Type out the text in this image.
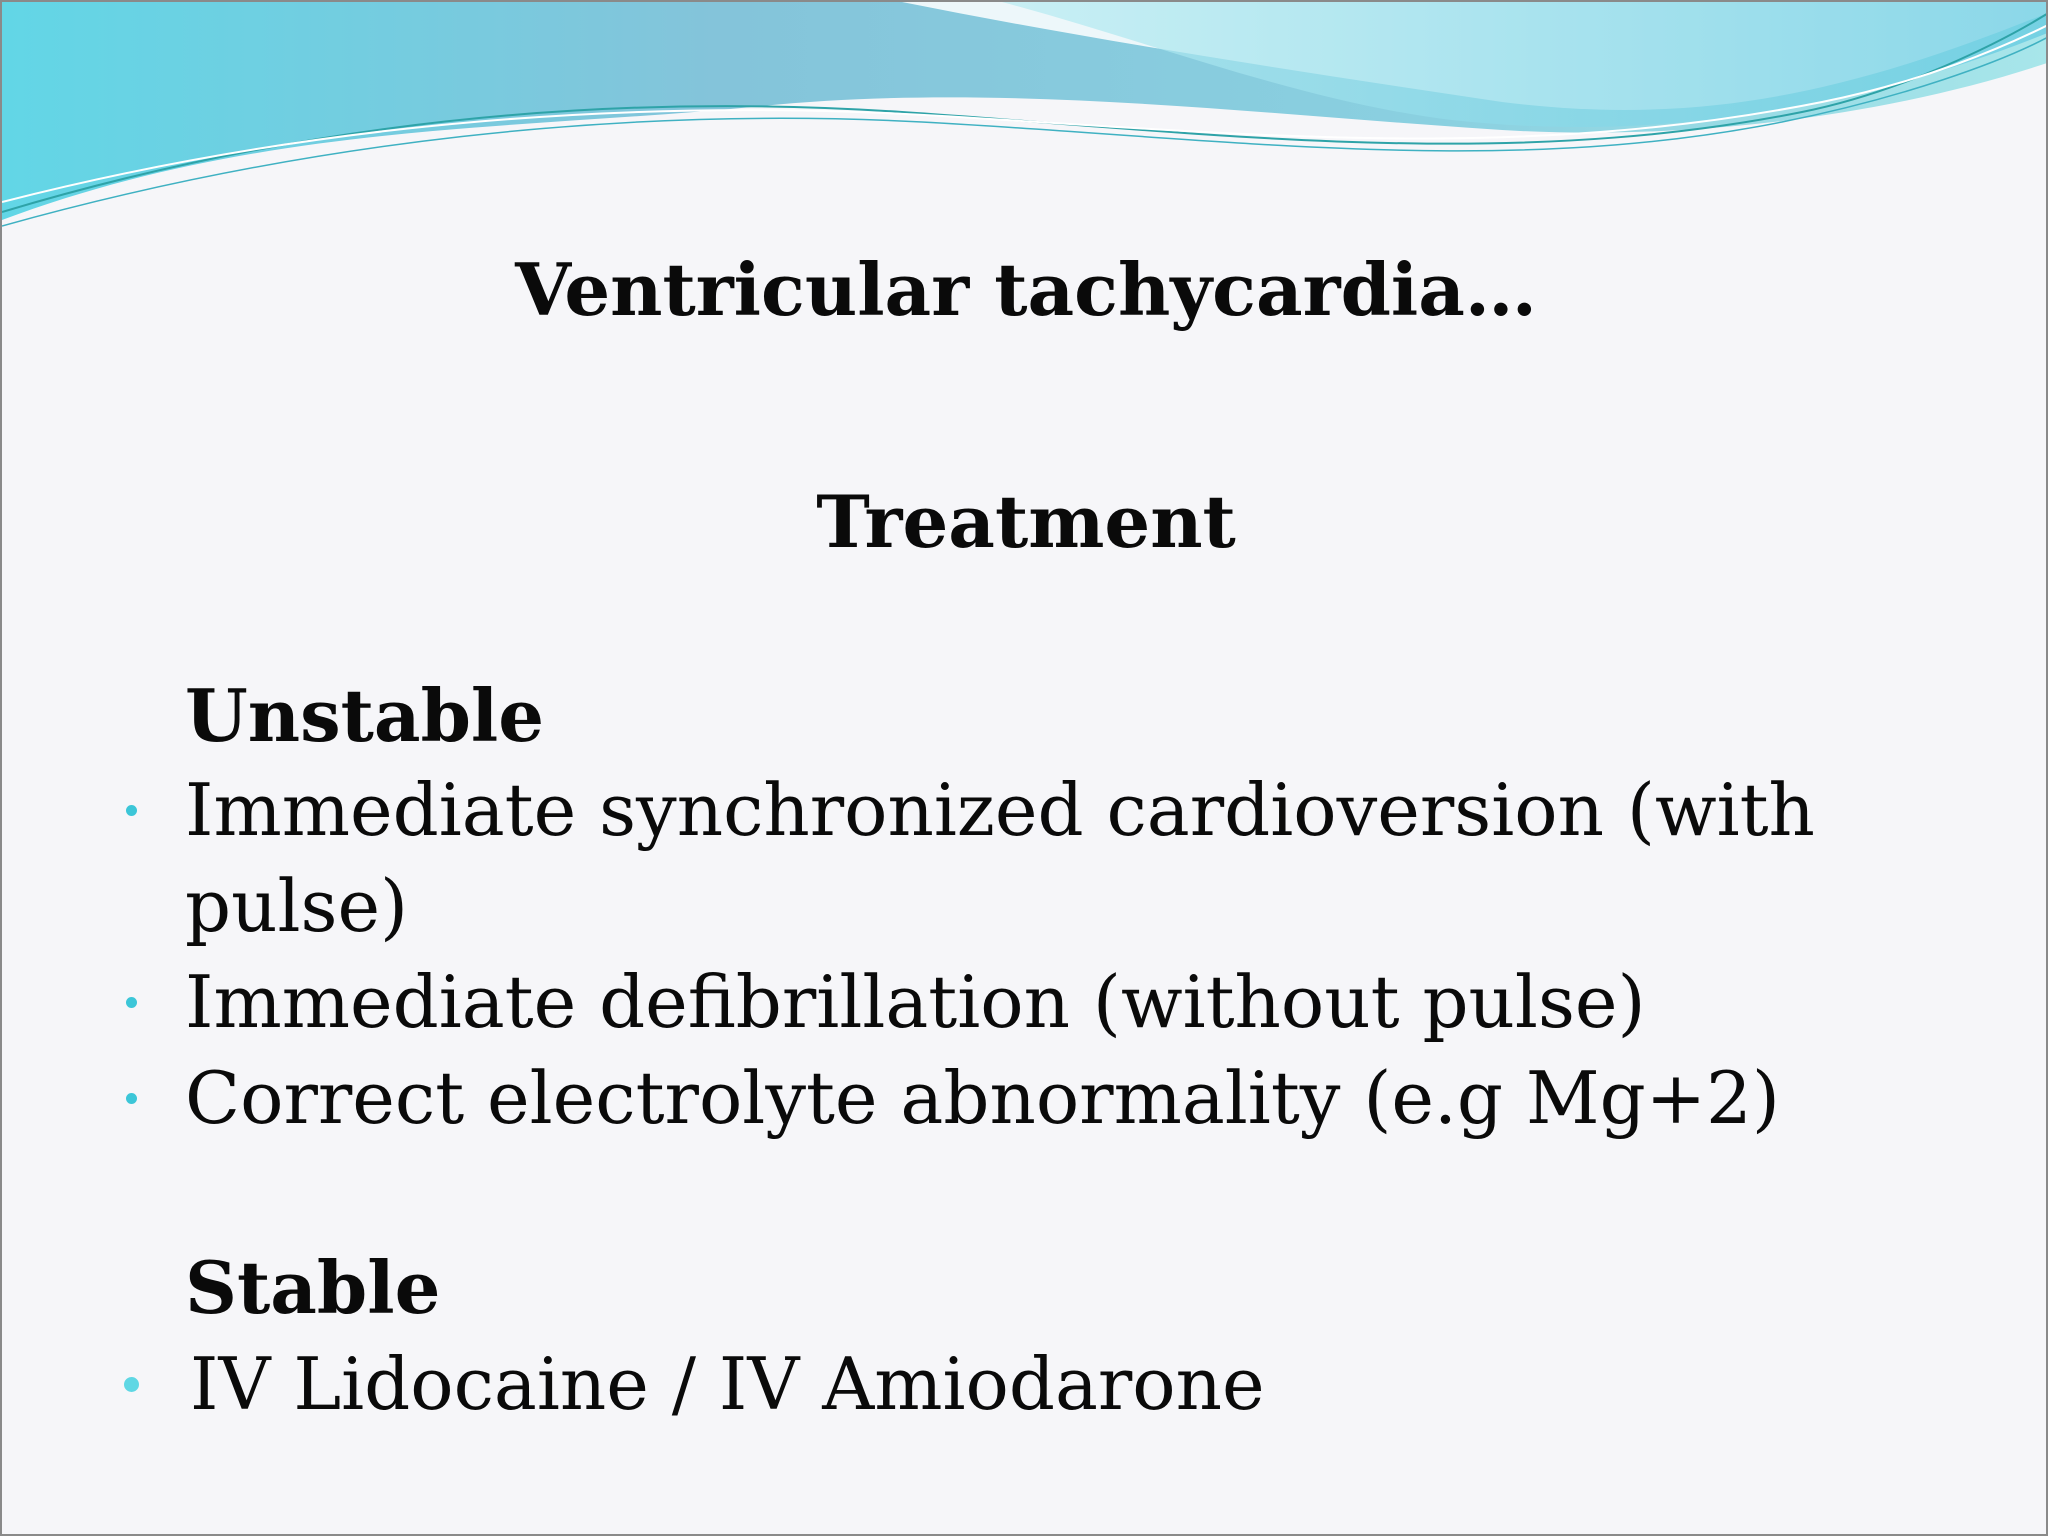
Ventricular tachycardia…
Treatment
Unstable
Immediate synchronized cardioversion (with pulse)
Immediate defibrillation (without pulse)
Correct electrolyte abnormality (e.g Mg+2)
Stable
IV Lidocaine / IV Amiodarone
